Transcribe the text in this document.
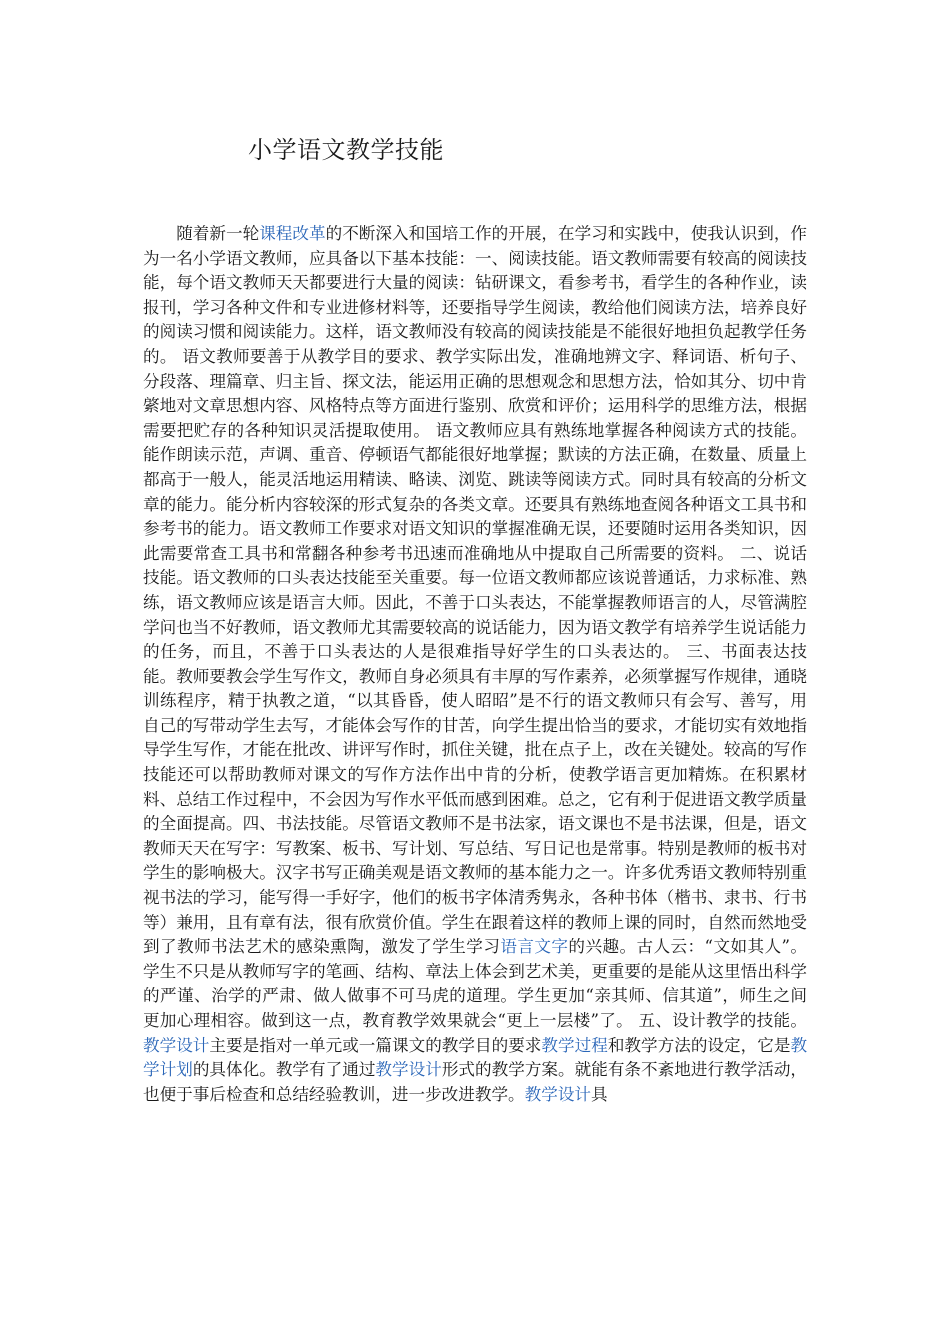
小学语文教学技能

随着新一轮课程改革的不断深入和国培工作的开展，在学习和实践中，使我认识到，作为一名小学语文教师，应具备以下基本技能：一、阅读技能。语文教师需要有较高的阅读技能，每个语文教师天天都要进行大量的阅读：钻研课文，看参考书，看学生的各种作业，读报刊，学习各种文件和专业进修材料等，还要指导学生阅读，教给他们阅读方法，培养良好的阅读习惯和阅读能力。这样，语文教师没有较高的阅读技能是不能很好地担负起教学任务的。 语文教师要善于从教学目的要求、教学实际出发，准确地辨文字、释词语、析句子、分段落、理篇章、归主旨、探文法，能运用正确的思想观念和思想方法，恰如其分、切中肯綮地对文章思想内容、风格特点等方面进行鉴别、欣赏和评价；运用科学的思维方法，根据需要把贮存的各种知识灵活提取使用。 语文教师应具有熟练地掌握各种阅读方式的技能。能作朗读示范，声调、重音、停顿语气都能很好地掌握；默读的方法正确，在数量、质量上都高于一般人，能灵活地运用精读、略读、浏览、跳读等阅读方式。同时具有较高的分析文章的能力。能分析内容较深的形式复杂的各类文章。还要具有熟练地查阅各种语文工具书和参考书的能力。语文教师工作要求对语文知识的掌握准确无误，还要随时运用各类知识，因此需要常查工具书和常翻各种参考书迅速而准确地从中提取自己所需要的资料。 二、说话技能。语文教师的口头表达技能至关重要。每一位语文教师都应该说普通话，力求标准、熟练，语文教师应该是语言大师。因此，不善于口头表达，不能掌握教师语言的人，尽管满腔学问也当不好教师，语文教师尤其需要较高的说话能力，因为语文教学有培养学生说话能力的任务，而且，不善于口头表达的人是很难指导好学生的口头表达的。 三、书面表达技能。教师要教会学生写作文，教师自身必须具有丰厚的写作素养，必须掌握写作规律，通晓训练程序，精于执教之道，“以其昏昏，使人昭昭”是不行的语文教师只有会写、善写，用自己的写带动学生去写，才能体会写作的甘苦，向学生提出恰当的要求，才能切实有效地指导学生写作，才能在批改、讲评写作时，抓住关键，批在点子上，改在关键处。较高的写作技能还可以帮助教师对课文的写作方法作出中肯的分析，使教学语言更加精炼。在积累材料、总结工作过程中，不会因为写作水平低而感到困难。总之，它有利于促进语文教学质量的全面提高。四、书法技能。尽管语文教师不是书法家，语文课也不是书法课，但是，语文教师天天在写字：写教案、板书、写计划、写总结、写日记也是常事。特别是教师的板书对学生的影响极大。汉字书写正确美观是语文教师的基本能力之一。许多优秀语文教师特别重视书法的学习，能写得一手好字，他们的板书字体清秀隽永，各种书体（楷书、隶书、行书等）兼用，且有章有法，很有欣赏价值。学生在跟着这样的教师上课的同时，自然而然地受到了教师书法艺术的感染熏陶，激发了学生学习语言文字的兴趣。古人云：“文如其人”。学生不只是从教师写字的笔画、结构、章法上体会到艺术美，更重要的是能从这里悟出科学的严谨、治学的严肃、做人做事不可马虎的道理。学生更加“亲其师、信其道”，师生之间更加心理相容。做到这一点，教育教学效果就会“更上一层楼”了。 五、设计教学的技能。教学设计主要是指对一单元或一篇课文的教学目的要求教学过程和教学方法的设定，它是教学计划的具体化。教学有了通过教学设计形式的教学方案。就能有条不紊地进行教学活动，也便于事后检查和总结经验教训，进一步改进教学。教学设计具
